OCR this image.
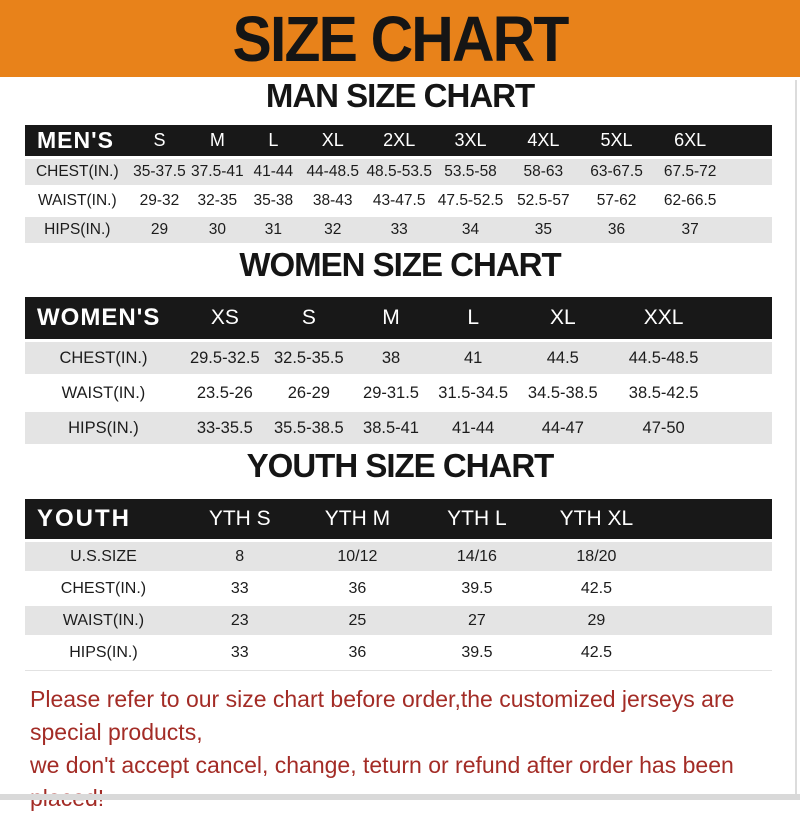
SIZE CHART
MAN SIZE CHART
MEN'S	S	M	L	XL	2XL	3XL	4XL	5XL	6XL	
CHEST(IN.)	35-37.5	37.5-41	41-44	44-48.5	48.5-53.5	53.5-58	58-63	63-67.5	67.5-72	
WAIST(IN.)	29-32	32-35	35-38	38-43	43-47.5	47.5-52.5	52.5-57	57-62	62-66.5	
HIPS(IN.)	29	30	31	32	33	34	35	36	37	
WOMEN SIZE CHART
WOMEN'S	XS	S	M	L	XL	XXL	
CHEST(IN.)	29.5-32.5	32.5-35.5	38	41	44.5	44.5-48.5	
WAIST(IN.)	23.5-26	26-29	29-31.5	31.5-34.5	34.5-38.5	38.5-42.5	
HIPS(IN.)	33-35.5	35.5-38.5	38.5-41	41-44	44-47	47-50	
YOUTH SIZE CHART
YOUTH	YTH S	YTH M	YTH L	YTH XL	
U.S.SIZE	8	10/12	14/16	18/20	
CHEST(IN.)	33	36	39.5	42.5	
WAIST(IN.)	23	25	27	29	
HIPS(IN.)	33	36	39.5	42.5	
Please refer to our size chart before order,the customized jerseys are special products,
we don't accept cancel, change, teturn or refund after order has been
